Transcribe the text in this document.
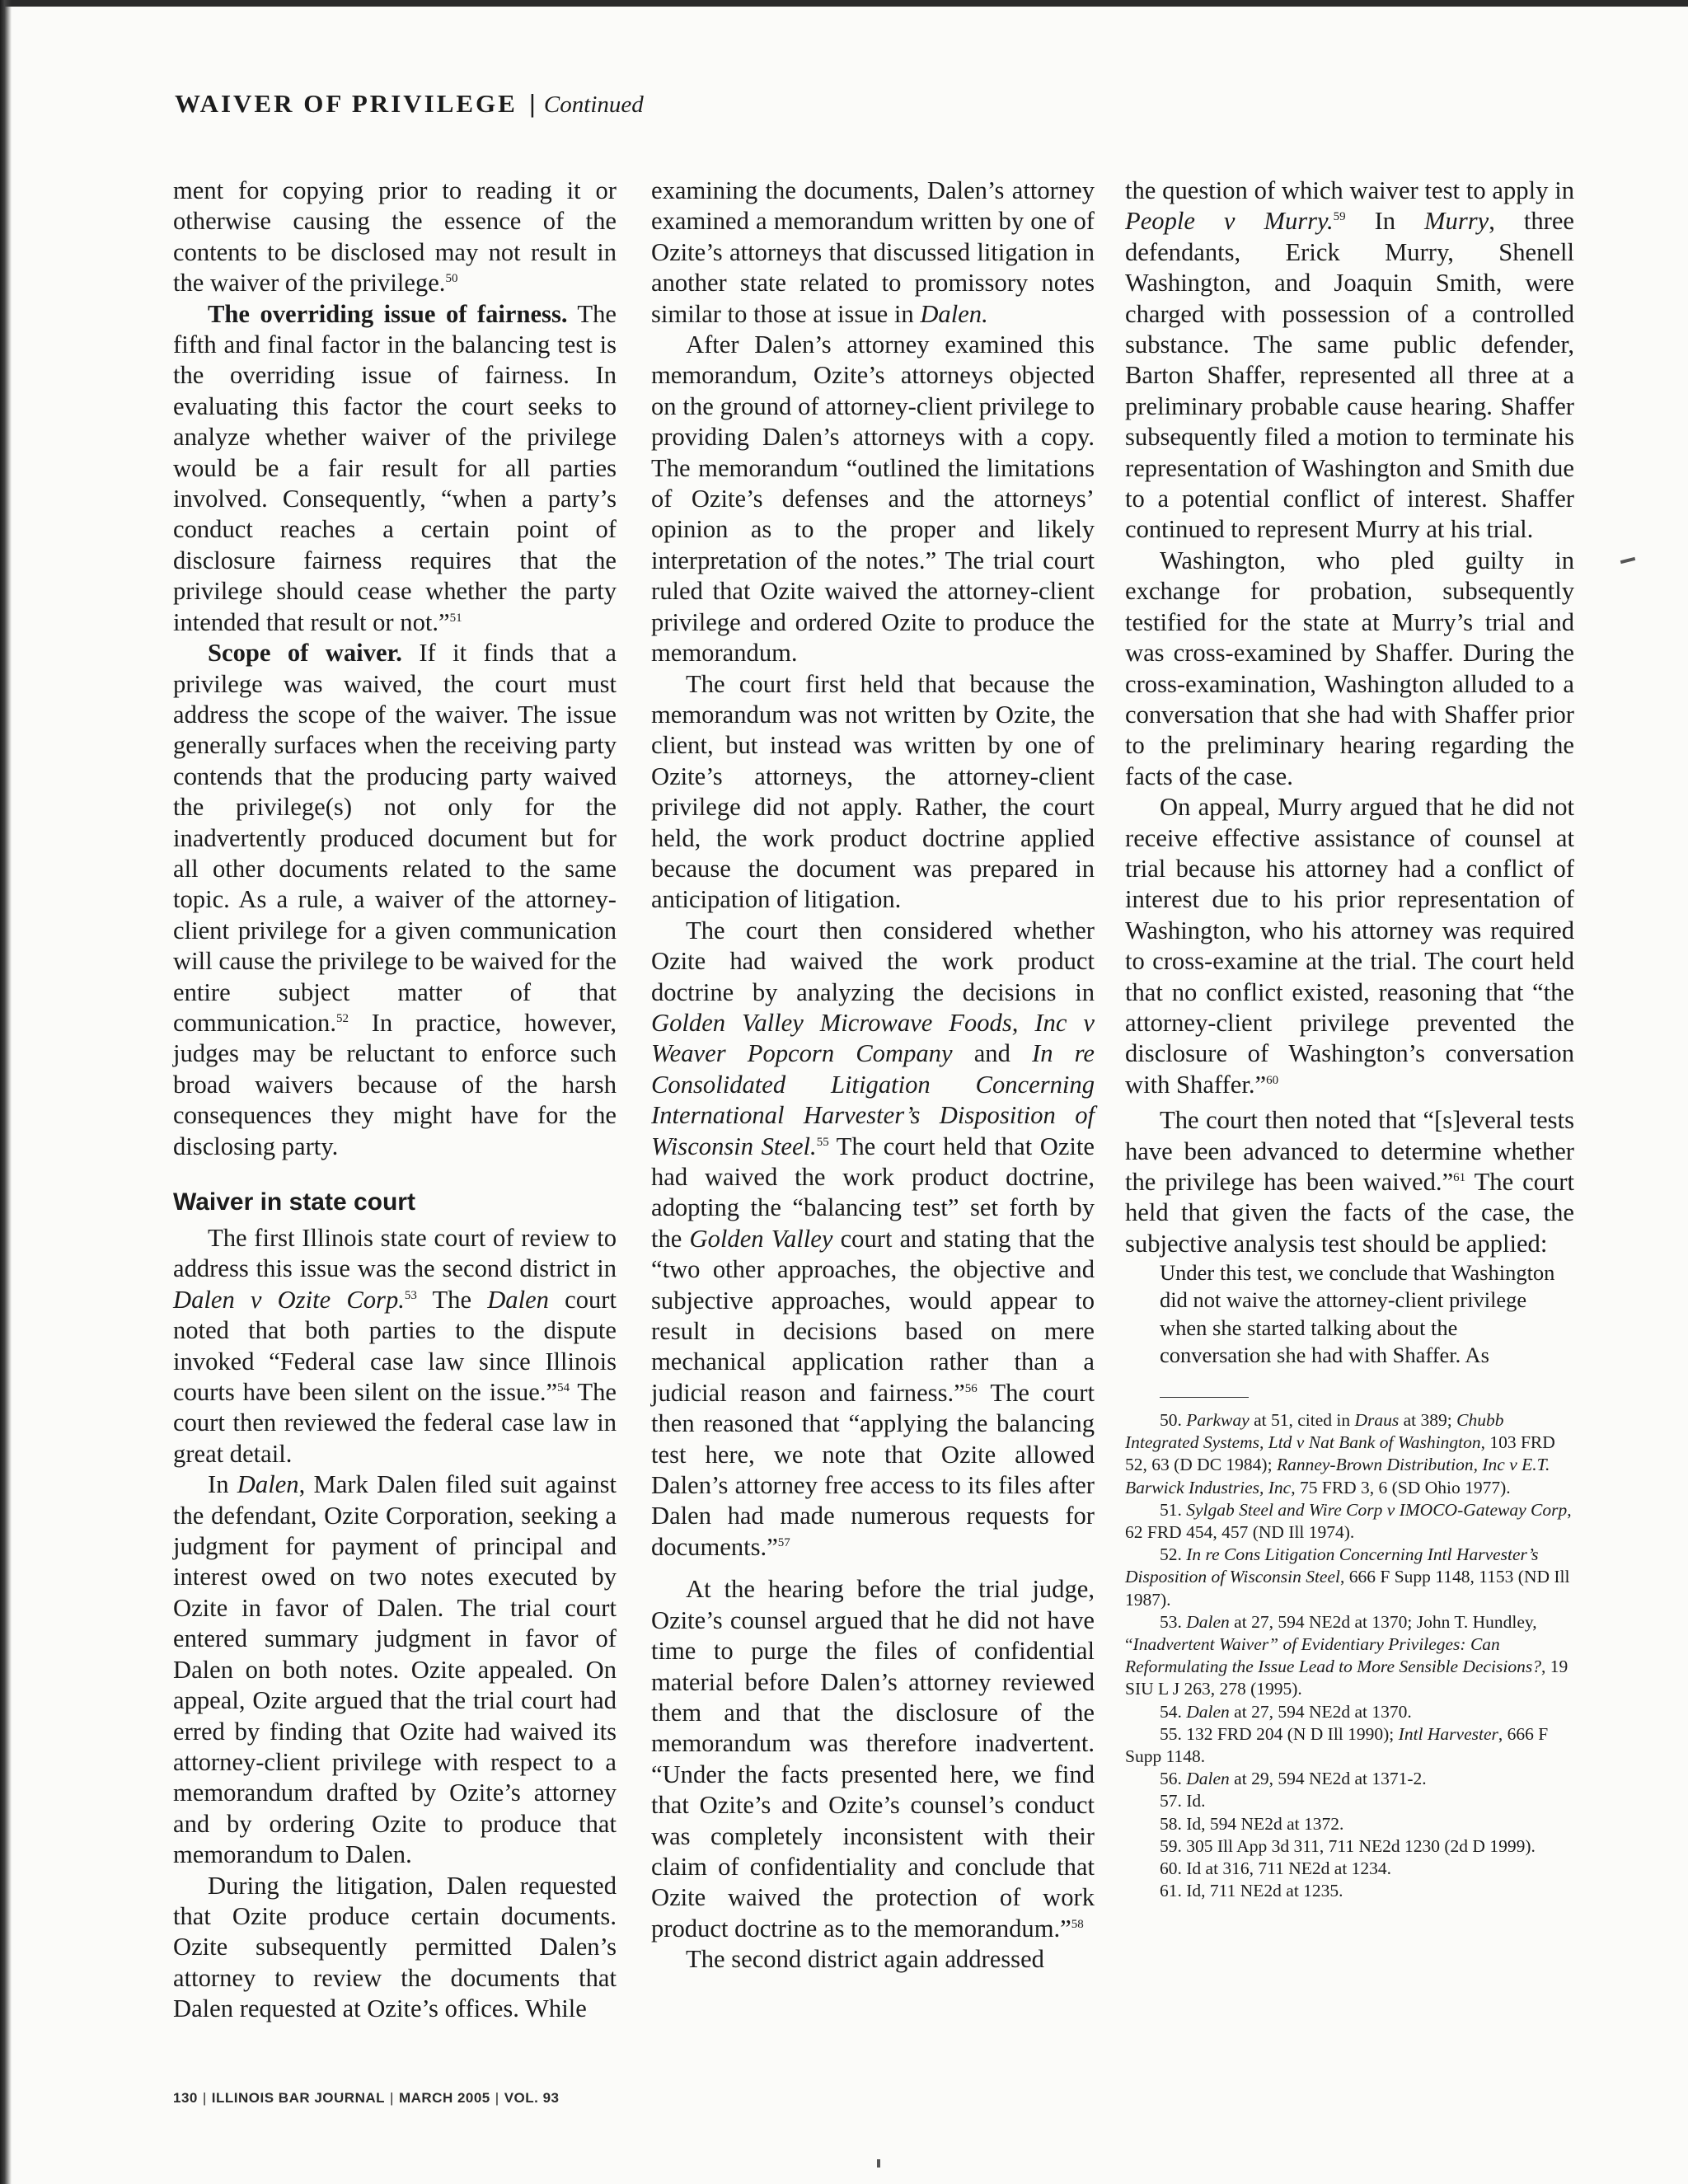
WAIVER OF PRIVILEGE | Continued

ment for copying prior to reading it or otherwise causing the essence of the contents to be disclosed may not result in the waiver of the privilege.$^{50}$

The overriding issue of fairness. The fifth and final factor in the balancing test is the overriding issue of fairness. In evaluating this factor the court seeks to analyze whether waiver of the privilege would be a fair result for all parties involved. Consequently, “when a party’s conduct reaches a certain point of disclosure fairness requires that the privilege should cease whether the party intended that result or not.”$^{51}$

Scope of waiver. If it finds that a privilege was waived, the court must address the scope of the waiver. The issue generally surfaces when the receiving party contends that the producing party waived the privilege(s) not only for the inadvertently produced document but for all other documents related to the same topic. As a rule, a waiver of the attorney-client privilege for a given communication will cause the privilege to be waived for the entire subject matter of that communication.$^{52}$ In practice, however, judges may be reluctant to enforce such broad waivers because of the harsh consequences they might have for the disclosing party.

Waiver in state court

The first Illinois state court of review to address this issue was the second district in Dalen v Ozite Corp.$^{53}$ The Dalen court noted that both parties to the dispute invoked “Federal case law since Illinois courts have been silent on the issue.”$^{54}$ The court then reviewed the federal case law in great detail.

In Dalen, Mark Dalen filed suit against the defendant, Ozite Corporation, seeking a judgment for payment of principal and interest owed on two notes executed by Ozite in favor of Dalen. The trial court entered summary judgment in favor of Dalen on both notes. Ozite appealed. On appeal, Ozite argued that the trial court had erred by finding that Ozite had waived its attorney-client privilege with respect to a memorandum drafted by Ozite’s attorney and by ordering Ozite to produce that memorandum to Dalen.

During the litigation, Dalen requested that Ozite produce certain documents. Ozite subsequently permitted Dalen’s attorney to review the documents that Dalen requested at Ozite’s offices. While

examining the documents, Dalen’s attorney examined a memorandum written by one of Ozite’s attorneys that discussed litigation in another state related to promissory notes similar to those at issue in Dalen.

After Dalen’s attorney examined this memorandum, Ozite’s attorneys objected on the ground of attorney-client privilege to providing Dalen’s attorneys with a copy. The memorandum “outlined the limitations of Ozite’s defenses and the attorneys’ opinion as to the proper and likely interpretation of the notes.” The trial court ruled that Ozite waived the attorney-client privilege and ordered Ozite to produce the memorandum.

The court first held that because the memorandum was not written by Ozite, the client, but instead was written by one of Ozite’s attorneys, the attorney-client privilege did not apply. Rather, the court held, the work product doctrine applied because the document was prepared in anticipation of litigation.

The court then considered whether Ozite had waived the work product doctrine by analyzing the decisions in Golden Valley Microwave Foods, Inc v Weaver Popcorn Company and In re Consolidated Litigation Concerning International Harvester’s Disposition of Wisconsin Steel.$^{55}$ The court held that Ozite had waived the work product doctrine, adopting the “balancing test” set forth by the Golden Valley court and stating that the “two other approaches, the objective and subjective approaches, would appear to result in decisions based on mere mechanical application rather than a judicial reason and fairness.”$^{56}$ The court then reasoned that “applying the balancing test here, we note that Ozite allowed Dalen’s attorney free access to its files after Dalen had made numerous requests for documents.”$^{57}$

At the hearing before the trial judge, Ozite’s counsel argued that he did not have time to purge the files of confidential material before Dalen’s attorney reviewed them and that the disclosure of the memorandum was therefore inadvertent. “Under the facts presented here, we find that Ozite’s and Ozite’s counsel’s conduct was completely inconsistent with their claim of confidentiality and conclude that Ozite waived the protection of work product doctrine as to the memorandum.”$^{58}$

The second district again addressed

the question of which waiver test to apply in People v Murry.$^{59}$ In Murry, three defendants, Erick Murry, Shenell Washington, and Joaquin Smith, were charged with possession of a controlled substance. The same public defender, Barton Shaffer, represented all three at a preliminary probable cause hearing. Shaffer subsequently filed a motion to terminate his representation of Washington and Smith due to a potential conflict of interest. Shaffer continued to represent Murry at his trial.

Washington, who pled guilty in exchange for probation, subsequently testified for the state at Murry’s trial and was cross-examined by Shaffer. During the cross-examination, Washington alluded to a conversation that she had with Shaffer prior to the preliminary hearing regarding the facts of the case.

On appeal, Murry argued that he did not receive effective assistance of counsel at trial because his attorney had a conflict of interest due to his prior representation of Washington, who his attorney was required to cross-examine at the trial. The court held that no conflict existed, reasoning that “the attorney-client privilege prevented the disclosure of Washington’s conversation with Shaffer.”$^{60}$

The court then noted that “[s]everal tests have been advanced to determine whether the privilege has been waived.”$^{61}$ The court held that given the facts of the case, the subjective analysis test should be applied:

Under this test, we conclude that Washington did not waive the attorney-client privilege when she started talking about the conversation she had with Shaffer. As

50. Parkway at 51, cited in Draus at 389; Chubb Integrated Systems, Ltd v Nat Bank of Washington, 103 FRD 52, 63 (D DC 1984); Ranney-Brown Distribution, Inc v E.T. Barwick Industries, Inc, 75 FRD 3, 6 (SD Ohio 1977).

51. Sylgab Steel and Wire Corp v IMOCO-Gateway Corp, 62 FRD 454, 457 (ND Ill 1974).

52. In re Cons Litigation Concerning Intl Harvester’s Disposition of Wisconsin Steel, 666 F Supp 1148, 1153 (ND Ill 1987).

53. Dalen at 27, 594 NE2d at 1370; John T. Hundley, “Inadvertent Waiver” of Evidentiary Privileges: Can Reformulating the Issue Lead to More Sensible Decisions?, 19 SIU L J 263, 278 (1995).

54. Dalen at 27, 594 NE2d at 1370.

55. 132 FRD 204 (N D Ill 1990); Intl Harvester, 666 F Supp 1148.

56. Dalen at 29, 594 NE2d at 1371-2.

57. Id.

58. Id, 594 NE2d at 1372.

59. 305 Ill App 3d 311, 711 NE2d 1230 (2d D 1999).

60. Id at 316, 711 NE2d at 1234.

61. Id, 711 NE2d at 1235.

130 | ILLINOIS BAR JOURNAL | MARCH 2005 | VOL. 93
